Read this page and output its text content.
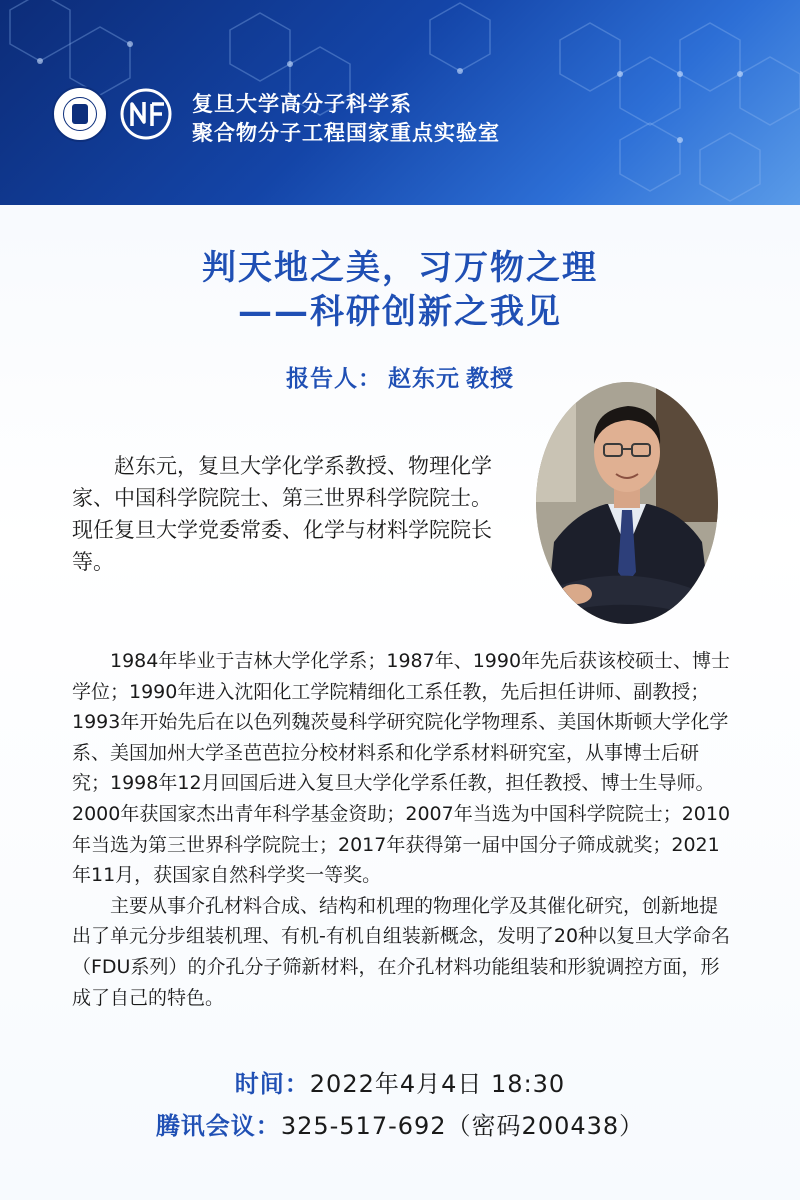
复旦大学高分子科学系
聚合物分子工程国家重点实验室
判天地之美，习万物之理
——科研创新之我见
报告人： 赵东元 教授
赵东元，复旦大学化学系教授、物理化学家、中国科学院院士、第三世界科学院院士。现任复旦大学党委常委、化学与材料学院院长等。

1984年毕业于吉林大学化学系；1987年、1990年先后获该校硕士、博士学位；1990年进入沈阳化工学院精细化工系任教，先后担任讲师、副教授；1993年开始先后在以色列魏茨曼科学研究院化学物理系、美国休斯顿大学化学系、美国加州大学圣芭芭拉分校材料系和化学系材料研究室，从事博士后研究；1998年12月回国后进入复旦大学化学系任教，担任教授、博士生导师。2000年获国家杰出青年科学基金资助；2007年当选为中国科学院院士；2010年当选为第三世界科学院院士；2017年获得第一届中国分子筛成就奖；2021年11月，获国家自然科学奖一等奖。

主要从事介孔材料合成、结构和机理的物理化学及其催化研究，创新地提出了单元分步组装机理、有机-有机自组装新概念，发明了20种以复旦大学命名（FDU系列）的介孔分子筛新材料，在介孔材料功能组装和形貌调控方面，形成了自己的特色。

时间：2022年4月4日 18:30
腾讯会议：325-517-692（密码200438）
